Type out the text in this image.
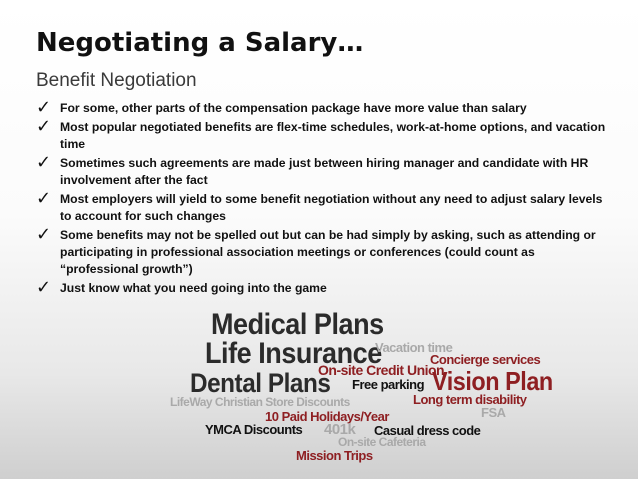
Negotiating a Salary…
Benefit Negotiation
✓ For some, other parts of the compensation package have more value than salary
✓ Most popular negotiated benefits are flex-time schedules, work-at-home options, and vacation time
✓ Sometimes such agreements are made just between hiring manager and candidate with HR involvement after the fact
✓ Most employers will yield to some benefit negotiation without any need to adjust salary levels to account for such changes
✓ Some benefits may not be spelled out but can be had simply by asking, such as attending or participating in professional association meetings or conferences (could count as “professional growth”)
✓ Just know what you need going into the game
Medical Plans
Life Insurance
Vacation time
Concierge services
On-site Credit Union
Dental Plans Free parking Vision Plan
LifeWay Christian Store Discounts	Long term disability
FSA
10 Paid Holidays/Year
YMCA Discounts 401k Casual dress code
On-site Cafeteria
Mission Trips
